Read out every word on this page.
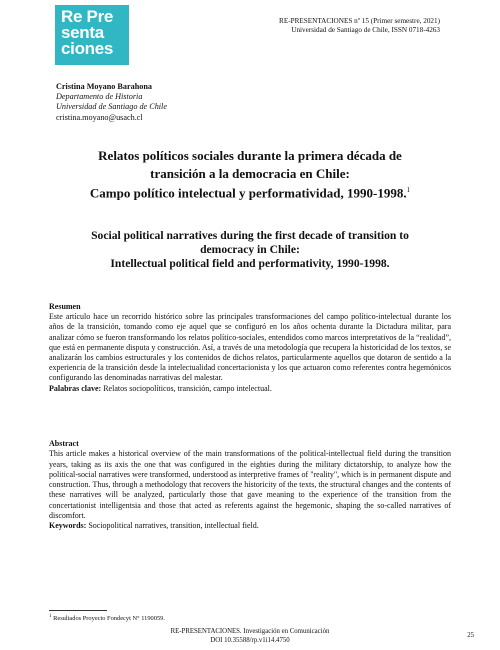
Re Pre
senta
ciones
RE-PRESENTACIONES nº 15 (Primer semestre, 2021)
Universidad de Santiago de Chile, ISSN 0718-4263
Cristina Moyano Barahona
Departamento de Historia
Universidad de Santiago de Chile
cristina.moyano@usach.cl
Relatos políticos sociales durante la primera década de
transición a la democracia en Chile:
Campo político intelectual y performatividad, 1990-1998.$^1$
Social political narratives during the first decade of transition to
democracy in Chile:
Intellectual political field and performativity, 1990-1998.
Resumen

Este artículo hace un recorrido histórico sobre las principales transformaciones del campo político-intelectual durante los años de la transición, tomando como eje aquel que se configuró en los años ochenta durante la Dictadura militar, para analizar cómo se fueron transformando los relatos político-sociales, entendidos como marcos interpretativos de la “realidad”, que está en permanente disputa y construcción. Así, a través de una metodología que recupera la historicidad de los textos, se analizarán los cambios estructurales y los contenidos de dichos relatos, particularmente aquellos que dotaron de sentido a la experiencia de la transición desde la intelectualidad concertacionista y los que actuaron como referentes contra hegemónicos configurando las denominadas narrativas del malestar.

Palabras clave: Relatos sociopolíticos, transición, campo intelectual.
Abstract

This article makes a historical overview of the main transformations of the political-intellectual field during the transition years, taking as its axis the one that was configured in the eighties during the military dictatorship, to analyze how the political-social narratives were transformed, understood as interpretive frames of "reality", which is in permanent dispute and construction. Thus, through a methodology that recovers the historicity of the texts, the structural changes and the contents of these narratives will be analyzed, particularly those that gave meaning to the experience of the transition from the concertationist intelligentsia and those that acted as referents against the hegemonic, shaping the so-called narratives of discomfort.

Keywords: Sociopolitical narratives, transition, intellectual field.
$^1$ Resultados Proyecto Fondecyt N° 1190059.
RE-PRESENTACIONES. Investigación en Comunicación
DOI 10.35588/rp.v1i14.4750
25
